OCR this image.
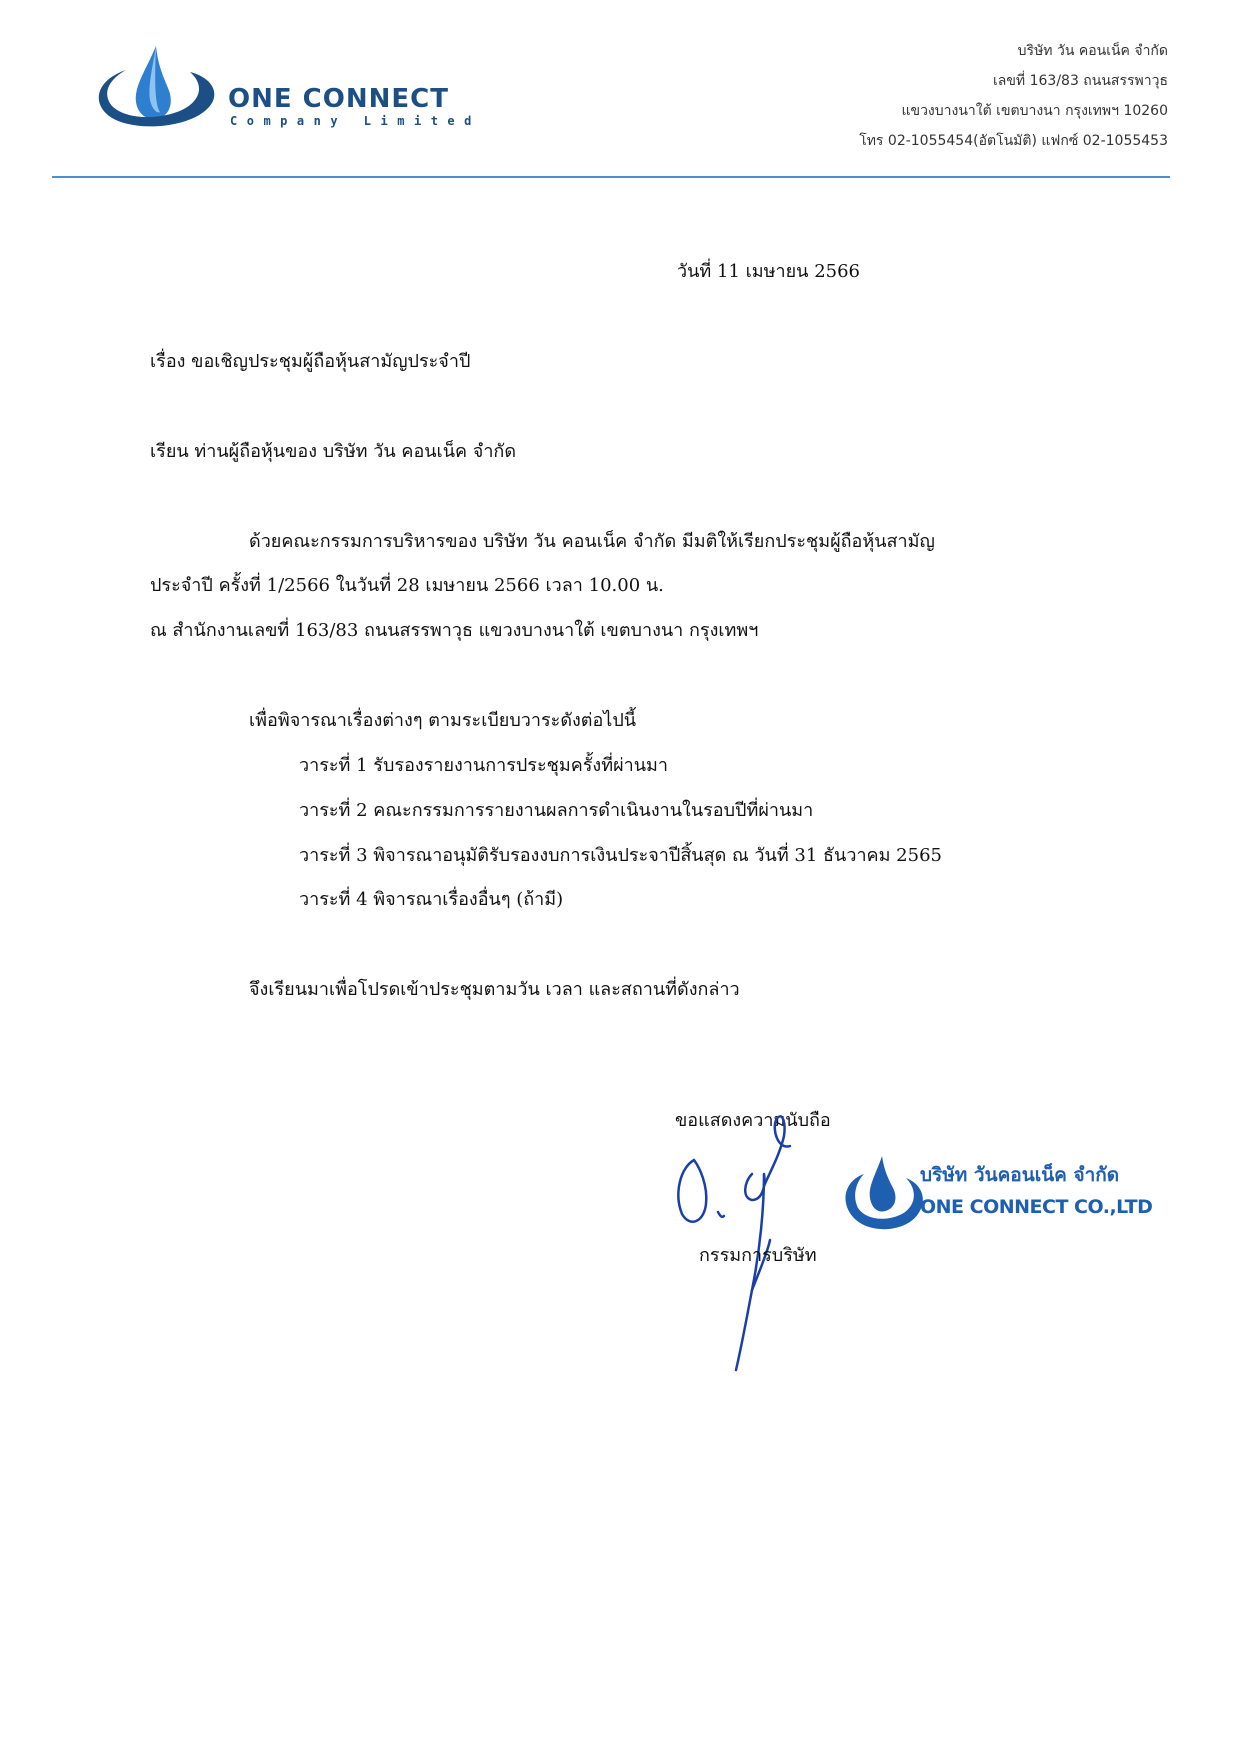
ONE CONNECT
Company Limited
บริษัท วัน คอนเน็ค จำกัด
เลขที่ 163/83 ถนนสรรพาวุธ
แขวงบางนาใต้ เขตบางนา กรุงเทพฯ 10260
โทร 02-1055454(อัตโนมัติ) แฟกซ์ 02-1055453
วันที่ 11 เมษายน 2566
เรื่อง ขอเชิญประชุมผู้ถือหุ้นสามัญประจำปี
เรียน ท่านผู้ถือหุ้นของ บริษัท วัน คอนเน็ค จำกัด
ด้วยคณะกรรมการบริหารของ บริษัท วัน คอนเน็ค จำกัด มีมติให้เรียกประชุมผู้ถือหุ้นสามัญ
ประจำปี ครั้งที่ 1/2566 ในวันที่ 28 เมษายน 2566 เวลา 10.00 น.
ณ สำนักงานเลขที่ 163/83 ถนนสรรพาวุธ แขวงบางนาใต้ เขตบางนา กรุงเทพฯ
เพื่อพิจารณาเรื่องต่างๆ ตามระเบียบวาระดังต่อไปนี้
วาระที่ 1 รับรองรายงานการประชุมครั้งที่ผ่านมา
วาระที่ 2 คณะกรรมการรายงานผลการดำเนินงานในรอบปีที่ผ่านมา
วาระที่ 3 พิจารณาอนุมัติรับรองงบการเงินประจาปีสิ้นสุด ณ วันที่ 31 ธันวาคม 2565
วาระที่ 4 พิจารณาเรื่องอื่นๆ (ถ้ามี)
จึงเรียนมาเพื่อโปรดเข้าประชุมตามวัน เวลา และสถานที่ดังกล่าว
ขอแสดงความนับถือ
บริษัท วันคอนเน็ค จำกัด
ONE CONNECT CO.,LTD
กรรมการบริษัท
